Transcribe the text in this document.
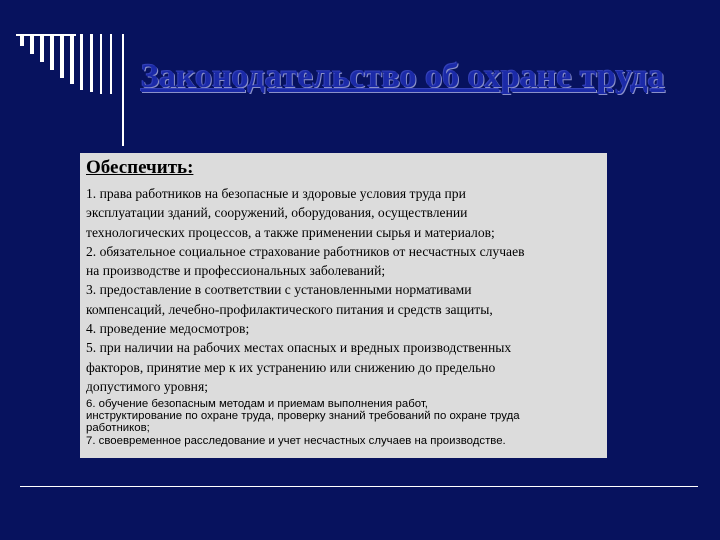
Законодательство об охране труда
Обеспечить:
1. права работников на безопасные и здоровые условия труда при
эксплуатации зданий, сооружений, оборудования, осуществлении
технологических процессов, а также применении сырья и материалов;
2. обязательное социальное страхование работников от несчастных случаев
на производстве и профессиональных заболеваний;
3. предоставление в соответствии с установленными нормативами
компенсаций, лечебно-профилактического питания и средств защиты,
4. проведение медосмотров;
5. при наличии на рабочих местах опасных и вредных производственных
факторов, принятие мер к их устранению или снижению до предельно
допустимого уровня;
6. обучение безопасным методам и приемам выполнения работ,
инструктирование по охране труда, проверку знаний требований по охране труда
работников;
7. своевременное расследование и учет несчастных случаев на производстве.
